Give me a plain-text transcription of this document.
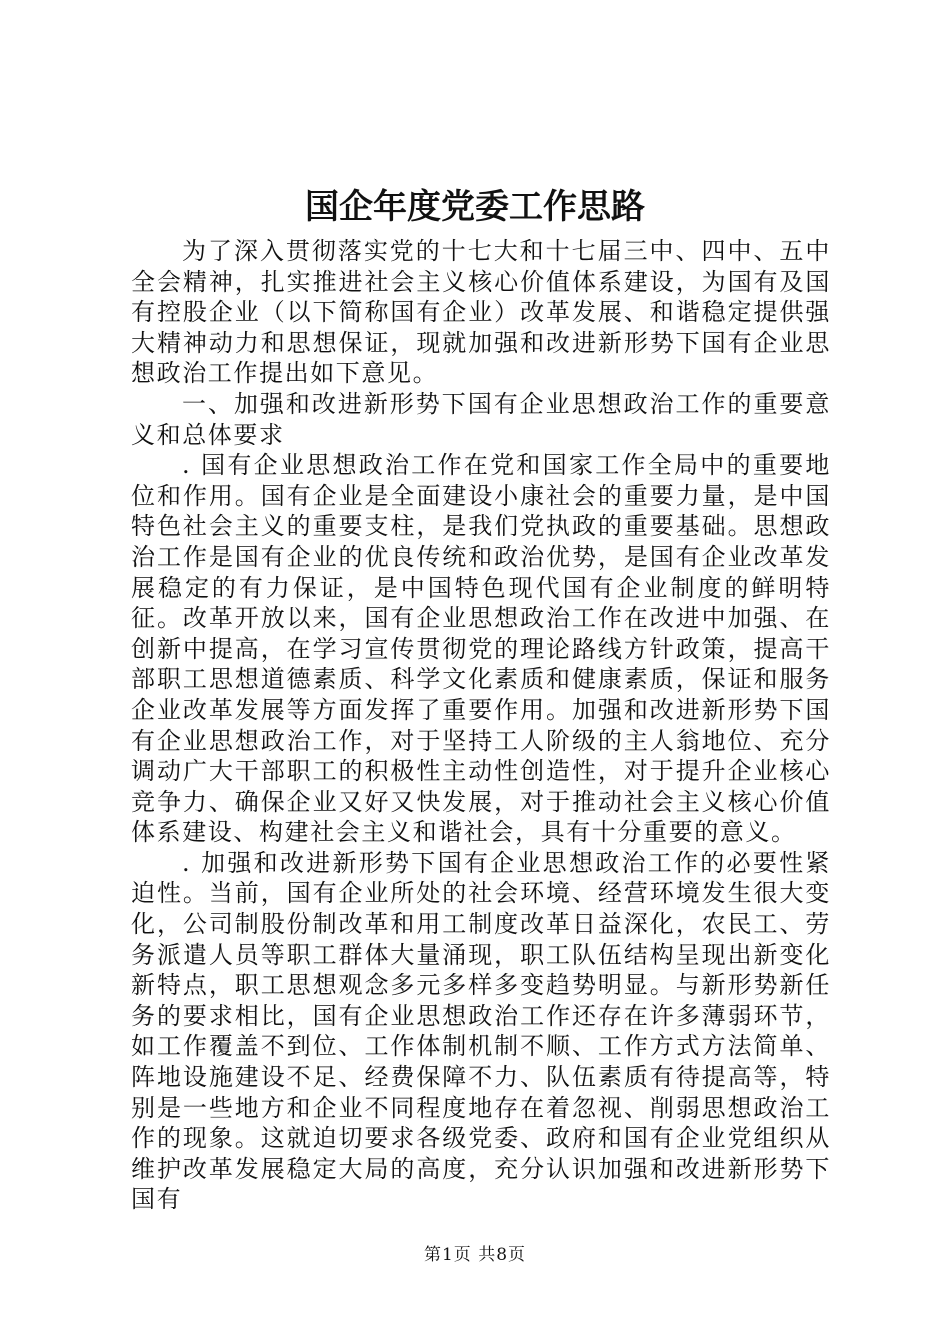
国企年度党委工作思路

为了深入贯彻落实党的十七大和十七届三中、四中、五中全会精神，扎实推进社会主义核心价值体系建设，为国有及国有控股企业（以下简称国有企业）改革发展、和谐稳定提供强大精神动力和思想保证，现就加强和改进新形势下国有企业思想政治工作提出如下意见。

一、加强和改进新形势下国有企业思想政治工作的重要意义和总体要求

. 国有企业思想政治工作在党和国家工作全局中的重要地位和作用。国有企业是全面建设小康社会的重要力量，是中国特色社会主义的重要支柱，是我们党执政的重要基础。思想政治工作是国有企业的优良传统和政治优势，是国有企业改革发展稳定的有力保证，是中国特色现代国有企业制度的鲜明特征。改革开放以来，国有企业思想政治工作在改进中加强、在创新中提高，在学习宣传贯彻党的理论路线方针政策，提高干部职工思想道德素质、科学文化素质和健康素质，保证和服务企业改革发展等方面发挥了重要作用。加强和改进新形势下国有企业思想政治工作，对于坚持工人阶级的主人翁地位、充分调动广大干部职工的积极性主动性创造性，对于提升企业核心竞争力、确保企业又好又快发展，对于推动社会主义核心价值体系建设、构建社会主义和谐社会，具有十分重要的意义。

. 加强和改进新形势下国有企业思想政治工作的必要性紧迫性。当前，国有企业所处的社会环境、经营环境发生很大变化，公司制股份制改革和用工制度改革日益深化，农民工、劳务派遣人员等职工群体大量涌现，职工队伍结构呈现出新变化新特点，职工思想观念多元多样多变趋势明显。与新形势新任务的要求相比，国有企业思想政治工作还存在许多薄弱环节，如工作覆盖不到位、工作体制机制不顺、工作方式方法简单、阵地设施建设不足、经费保障不力、队伍素质有待提高等，特别是一些地方和企业不同程度地存在着忽视、削弱思想政治工作的现象。这就迫切要求各级党委、政府和国有企业党组织从维护改革发展稳定大局的高度，充分认识加强和改进新形势下国有

第1页 共8页
